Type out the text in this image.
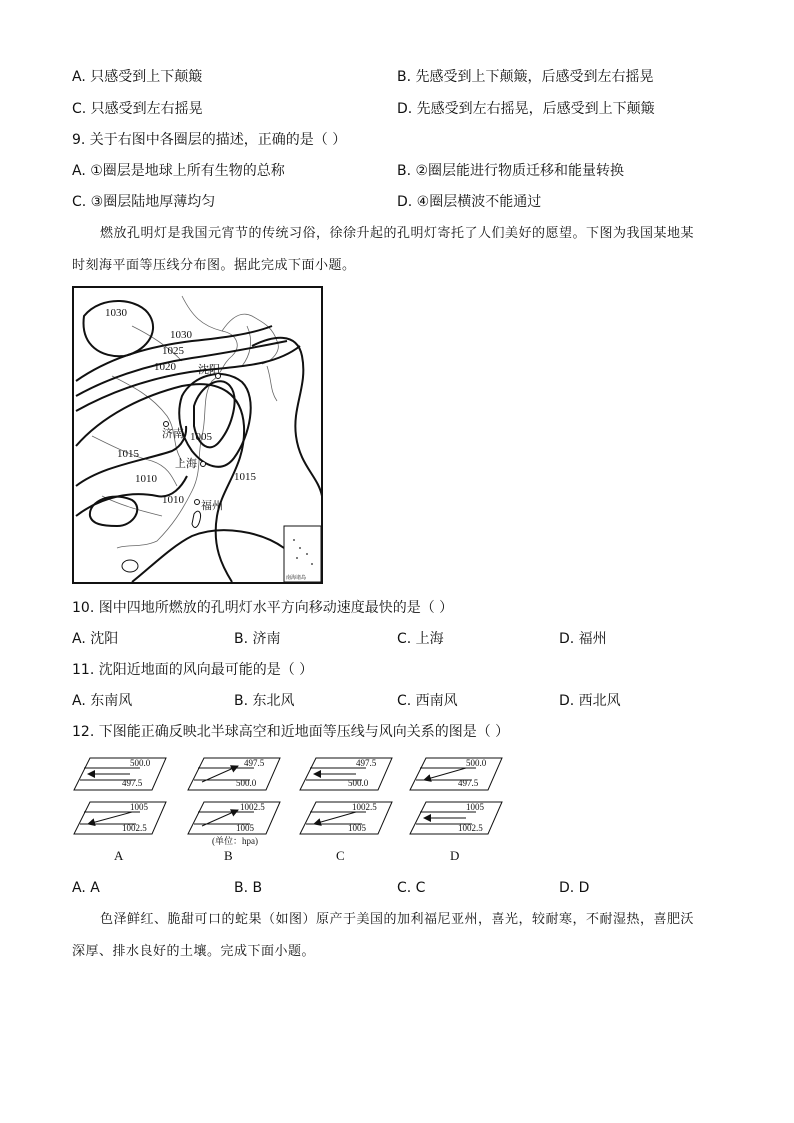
A. 只感受到上下颠簸	B. 先感受到上下颠簸，后感受到左右摇晃
C. 只感受到左右摇晃	D. 先感受到左右摇晃，后感受到上下颠簸
9. 关于右图中各圈层的描述，正确的是（ ）
A. ①圈层是地球上所有生物的总称	B. ②圈层能进行物质迁移和能量转换
C. ③圈层陆地厚薄均匀	D. ④圈层横波不能通过
燃放孔明灯是我国元宵节的传统习俗，徐徐升起的孔明灯寄托了人们美好的愿望。下图为我国某地某
时刻海平面等压线分布图。据此完成下面小题。
1030
1030
1025
1020
1005
1015
1010
1010
1015
沈阳
济南
上海
福州
南海诸岛
10. 图中四地所燃放的孔明灯水平方向移动速度最快的是（ ）
A. 沈阳	B. 济南	C. 上海	D. 福州
11. 沈阳近地面的风向最可能的是（ ）
A. 东南风	B. 东北风	C. 西南风	D. 西北风
12. 下图能正确反映北半球高空和近地面等压线与风向关系的图是（ ）
500.0
497.5
1005
1002.5
497.5
500.0
1002.5
1005
497.5
500.0
1002.5
1005
500.0
497.5
1005
1002.5
(单位：hpa)
A	B	C	D
A. A	B. B	C. C	D. D
色泽鲜红、脆甜可口的蛇果（如图）原产于美国的加利福尼亚州，喜光，较耐寒，不耐湿热，喜肥沃
深厚、排水良好的土壤。完成下面小题。
